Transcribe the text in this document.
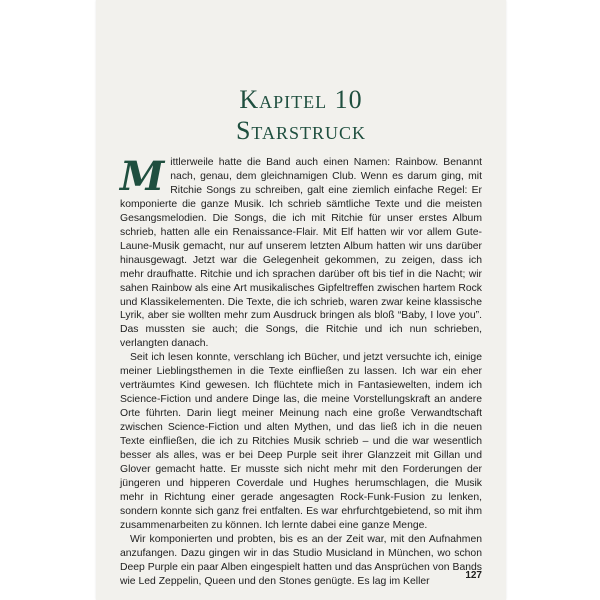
Kapitel 10
Starstruck

Mittlerweile hatte die Band auch einen Namen: Rainbow. Benannt nach, genau, dem gleichnamigen Club. Wenn es darum ging, mit Ritchie Songs zu schreiben, galt eine ziemlich einfache Regel: Er komponierte die ganze Musik. Ich schrieb sämtliche Texte und die meisten Gesangsmelodien. Die Songs, die ich mit Ritchie für unser erstes Album schrieb, hatten alle ein Renaissance-Flair. Mit Elf hatten wir vor allem Gute-Laune-Musik gemacht, nur auf unserem letzten Album hatten wir uns darüber hinausgewagt. Jetzt war die Gelegenheit gekommen, zu zeigen, dass ich mehr draufhatte. Ritchie und ich sprachen darüber oft bis tief in die Nacht; wir sahen Rainbow als eine Art musikalisches Gipfeltreffen zwischen hartem Rock und Klassikelementen. Die Texte, die ich schrieb, waren zwar keine klassische Lyrik, aber sie wollten mehr zum Ausdruck bringen als bloß “Baby, I love you”. Das mussten sie auch; die Songs, die Ritchie und ich nun schrieben, verlangten danach.

Seit ich lesen konnte, verschlang ich Bücher, und jetzt versuchte ich, einige meiner Lieblingsthemen in die Texte einfließen zu lassen. Ich war ein eher verträumtes Kind gewesen. Ich flüchtete mich in Fantasiewelten, indem ich Science-Fiction und andere Dinge las, die meine Vorstellungskraft an andere Orte führten. Darin liegt meiner Meinung nach eine große Verwandtschaft zwischen Science-Fiction und alten Mythen, und das ließ ich in die neuen Texte einfließen, die ich zu Ritchies Musik schrieb – und die war wesentlich besser als alles, was er bei Deep Purple seit ihrer Glanzzeit mit Gillan und Glover gemacht hatte. Er musste sich nicht mehr mit den Forderungen der jüngeren und hipperen Coverdale und Hughes herumschlagen, die Musik mehr in Richtung einer gerade angesagten Rock-Funk-Fusion zu lenken, sondern konnte sich ganz frei entfalten. Es war ehrfurchtgebietend, so mit ihm zusammenarbeiten zu können. Ich lernte dabei eine ganze Menge.

Wir komponierten und probten, bis es an der Zeit war, mit den Aufnahmen anzufangen. Dazu gingen wir in das Studio Musicland in München, wo schon Deep Purple ein paar Alben eingespielt hatten und das Ansprüchen von Bands wie Led Zeppelin, Queen und den Stones genügte. Es lag im Keller

127
